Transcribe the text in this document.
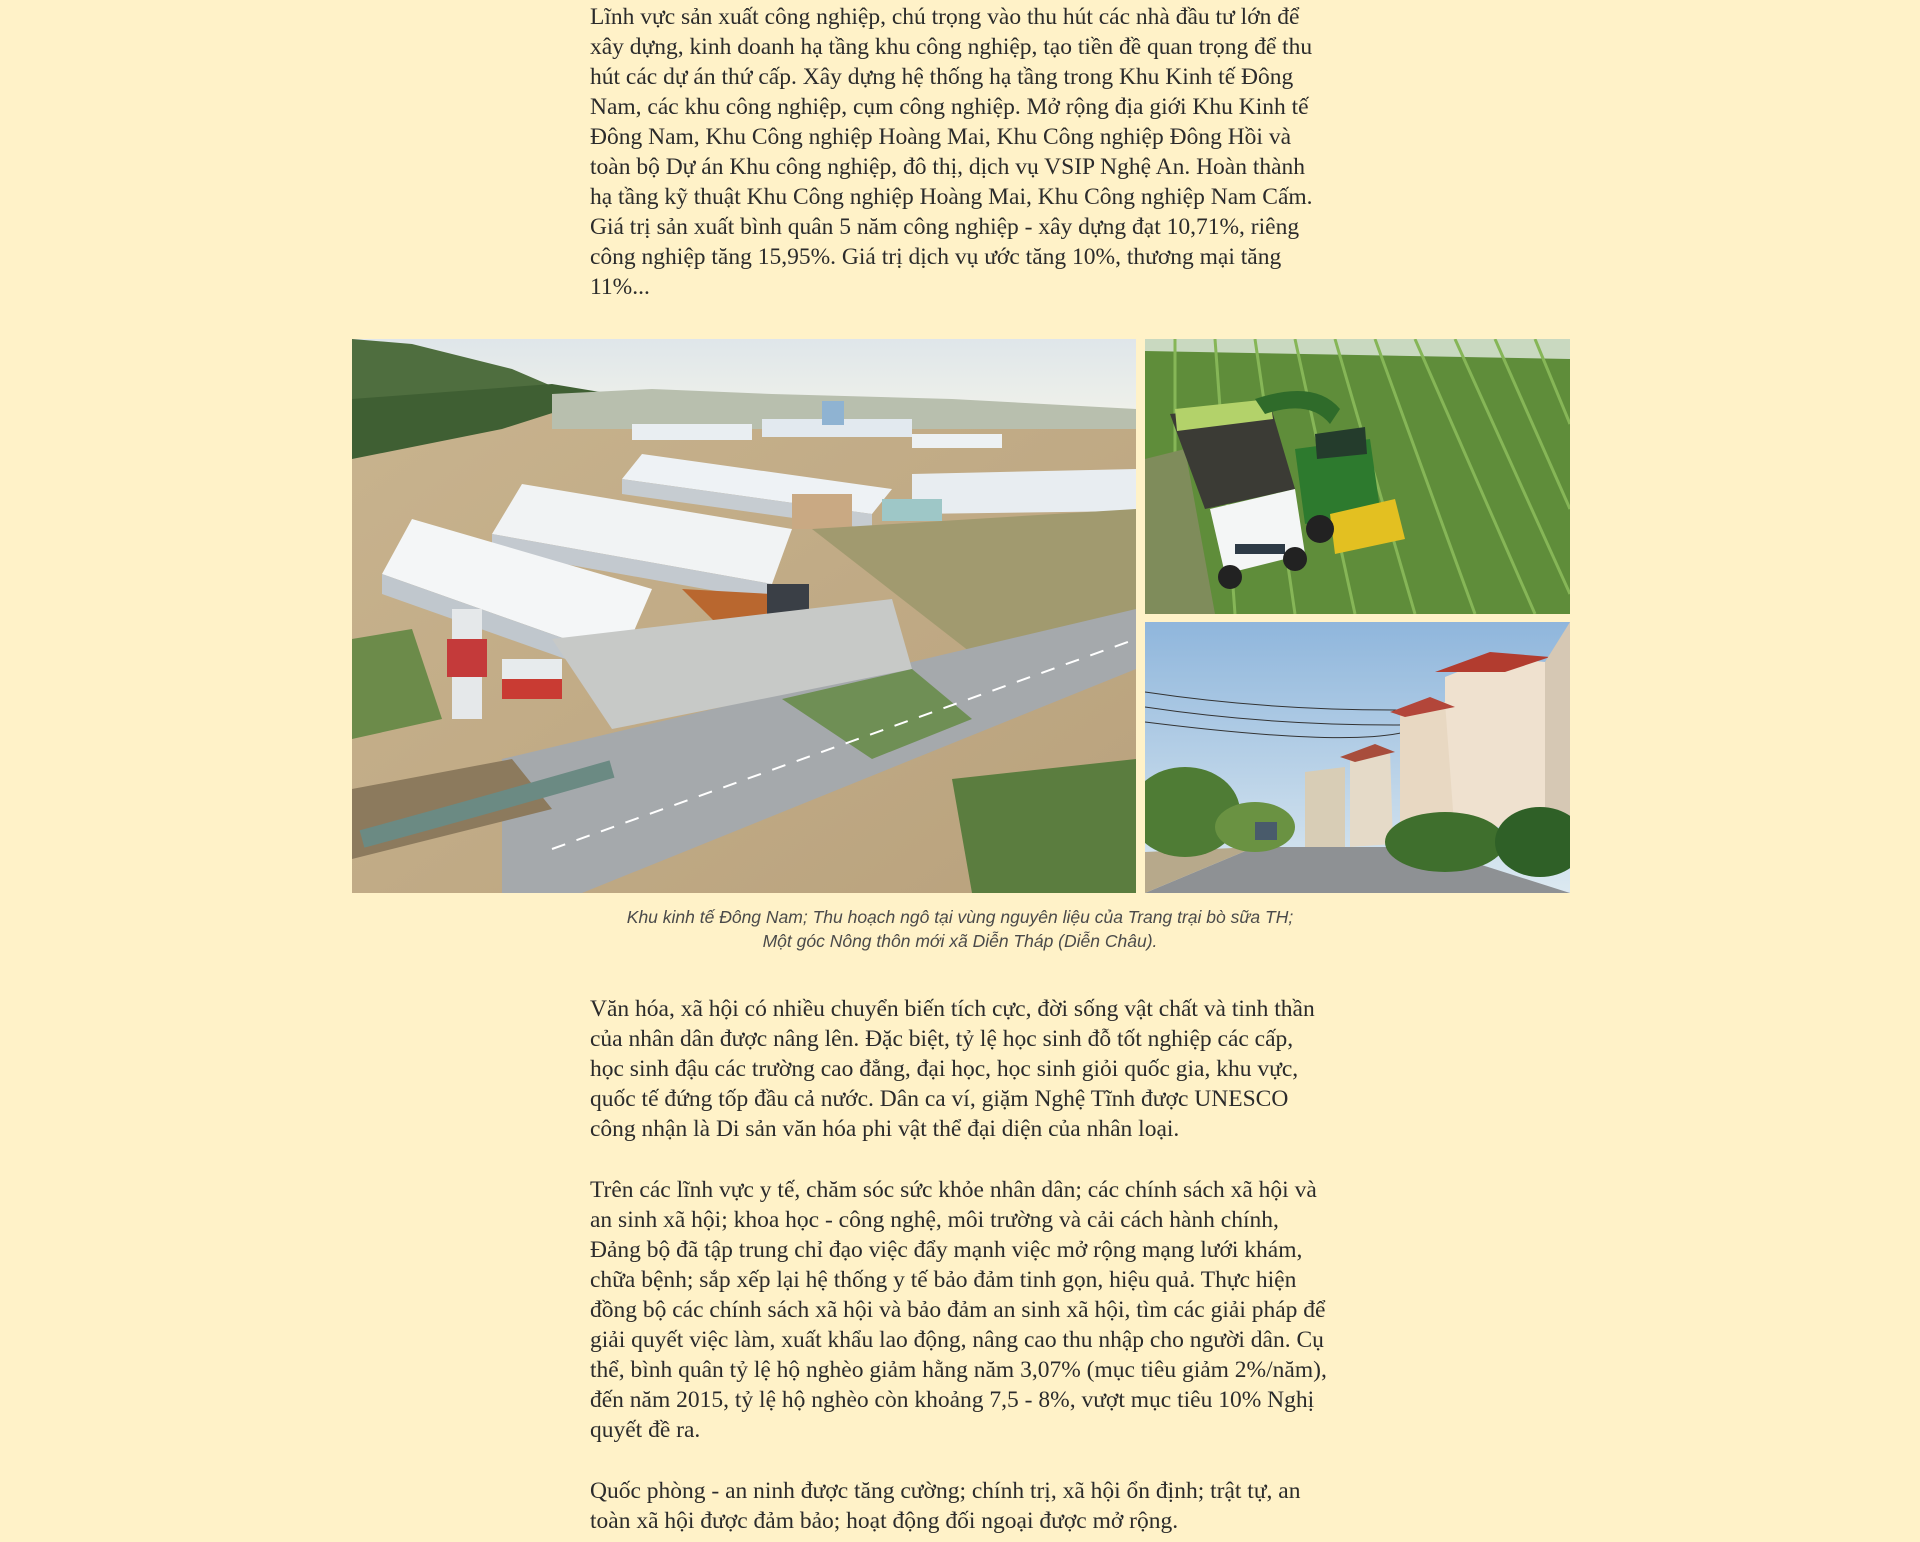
Lĩnh vực sản xuất công nghiệp, chú trọng vào thu hút các nhà đầu tư lớn để xây dựng, kinh doanh hạ tầng khu công nghiệp, tạo tiền đề quan trọng để thu hút các dự án thứ cấp. Xây dựng hệ thống hạ tầng trong Khu Kinh tế Đông Nam, các khu công nghiệp, cụm công nghiệp. Mở rộng địa giới Khu Kinh tế Đông Nam, Khu Công nghiệp Hoàng Mai, Khu Công nghiệp Đông Hồi và toàn bộ Dự án Khu công nghiệp, đô thị, dịch vụ VSIP Nghệ An. Hoàn thành hạ tầng kỹ thuật Khu Công nghiệp Hoàng Mai, Khu Công nghiệp Nam Cấm. Giá trị sản xuất bình quân 5 năm công nghiệp - xây dựng đạt 10,71%, riêng công nghiệp tăng 15,95%. Giá trị dịch vụ ước tăng 10%, thương mại tăng 11%...

Khu kinh tế Đông Nam; Thu hoạch ngô tại vùng nguyên liệu của Trang trại bò sữa TH;
Một góc Nông thôn mới xã Diễn Tháp (Diễn Châu).

Văn hóa, xã hội có nhiều chuyển biến tích cực, đời sống vật chất và tinh thần của nhân dân được nâng lên. Đặc biệt, tỷ lệ học sinh đỗ tốt nghiệp các cấp, học sinh đậu các trường cao đẳng, đại học, học sinh giỏi quốc gia, khu vực, quốc tế đứng tốp đầu cả nước. Dân ca ví, giặm Nghệ Tĩnh được UNESCO công nhận là Di sản văn hóa phi vật thể đại diện của nhân loại.

Trên các lĩnh vực y tế, chăm sóc sức khỏe nhân dân; các chính sách xã hội và an sinh xã hội; khoa học - công nghệ, môi trường và cải cách hành chính, Đảng bộ đã tập trung chỉ đạo việc đẩy mạnh việc mở rộng mạng lưới khám, chữa bệnh; sắp xếp lại hệ thống y tế bảo đảm tinh gọn, hiệu quả. Thực hiện đồng bộ các chính sách xã hội và bảo đảm an sinh xã hội, tìm các giải pháp để giải quyết việc làm, xuất khẩu lao động, nâng cao thu nhập cho người dân. Cụ thể, bình quân tỷ lệ hộ nghèo giảm hằng năm 3,07% (mục tiêu giảm 2%/năm), đến năm 2015, tỷ lệ hộ nghèo còn khoảng 7,5 - 8%, vượt mục tiêu 10% Nghị quyết đề ra.

Quốc phòng - an ninh được tăng cường; chính trị, xã hội ổn định; trật tự, an toàn xã hội được đảm bảo; hoạt động đối ngoại được mở rộng.
